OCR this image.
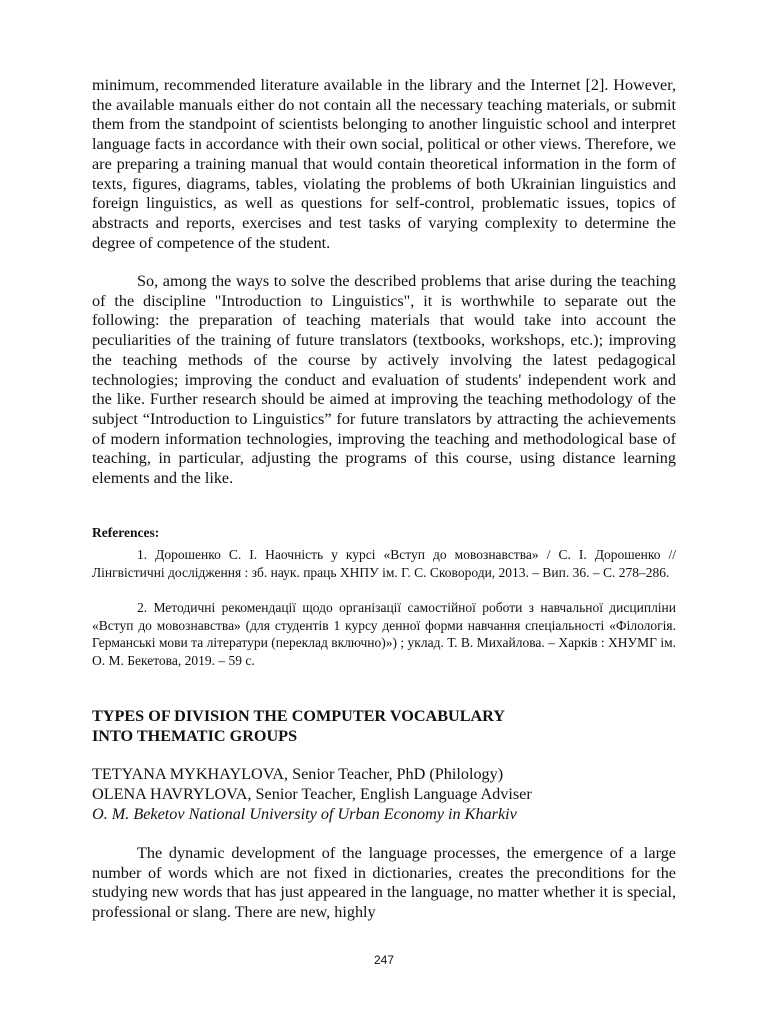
minimum, recommended literature available in the library and the Internet [2]. However, the available manuals either do not contain all the necessary teaching materials, or submit them from the standpoint of scientists belonging to another linguistic school and interpret language facts in accordance with their own social, political or other views. Therefore, we are preparing a training manual that would contain theoretical information in the form of texts, figures, diagrams, tables, violating the problems of both Ukrainian linguistics and foreign linguistics, as well as questions for self-control, problematic issues, topics of abstracts and reports, exercises and test tasks of varying complexity to determine the degree of competence of the student.

So, among the ways to solve the described problems that arise during the teaching of the discipline "Introduction to Linguistics", it is worthwhile to separate out the following: the preparation of teaching materials that would take into account the peculiarities of the training of future translators (textbooks, workshops, etc.); improving the teaching methods of the course by actively involving the latest pedagogical technologies; improving the conduct and evaluation of students' independent work and the like. Further research should be aimed at improving the teaching methodology of the subject “Introduction to Linguistics” for future translators by attracting the achievements of modern information technologies, improving the teaching and methodological base of teaching, in particular, adjusting the programs of this course, using distance learning elements and the like.

References:

1. Дорошенко С. І. Наочність у курсі «Вступ до мовознавства» / С. І. Дорошенко // Лінгвістичні дослідження : зб. наук. праць ХНПУ ім. Г. С. Сковороди, 2013. – Вип. 36. – С. 278–286.

2. Методичні рекомендації щодо організації самостійної роботи з навчальної дисципліни «Вступ до мовознавства» (для студентів 1 курсу денної форми навчання спеціальності «Філологія. Германські мови та літератури (переклад включно)») ; уклад. Т. В. Михайлова. – Харків : ХНУМГ ім. О. М. Бекетова, 2019. – 59 с.

TYPES OF DIVISION THE COMPUTER VOCABULARY
INTO THEMATIC GROUPS
TETYANA MYKHAYLOVA, Senior Teacher, PhD (Philology)
OLENA HAVRYLOVA, Senior Teacher, English Language Adviser
O. M. Beketov National University of Urban Economy in Kharkiv

The dynamic development of the language processes, the emergence of a large number of words which are not fixed in dictionaries, creates the preconditions for the studying new words that has just appeared in the language, no matter whether it is special, professional or slang. There are new, highly

247
